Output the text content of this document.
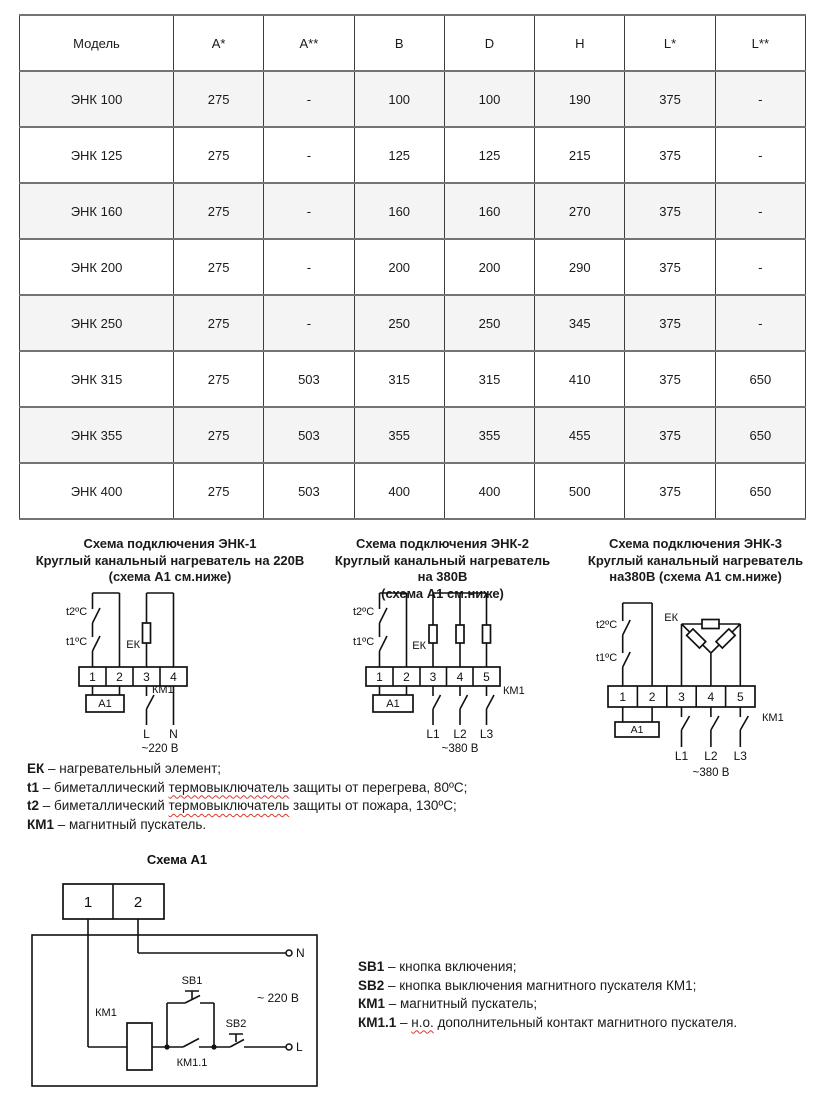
Модель	A*	A**	B	D	H	L*	L**
ЭНК 100	275	-	100	100	190	375	-
ЭНК 125	275	-	125	125	215	375	-
ЭНК 160	275	-	160	160	270	375	-
ЭНК 200	275	-	200	200	290	375	-
ЭНК 250	275	-	250	250	345	375	-
ЭНК 315	275	503	315	315	410	375	650
ЭНК 355	275	503	355	355	455	375	650
ЭНК 400	275	503	400	400	500	375	650
Схема подключения ЭНК-1
Круглый канальный нагреватель на 220В
(схема А1 см.ниже)
Схема подключения ЭНК-2
Круглый канальный нагреватель на 380В
(схема А1 см.ниже)
Схема подключения ЭНК-3
Круглый канальный нагреватель
на380В (схема А1 см.ниже)
t2ºC
t1ºC	ЕК
1 2 3 4
А1
КМ1
L N
~220 В
t2ºC
t1ºC	ЕК
1 2 3 4 5
А1
КМ1
L1 L2 L3
~380 В
t2ºC
t1ºC
ЕК
1 2 3 4 5
А1
КМ1
L1 L2 L3
~380 В
ЕК – нагревательный элемент;
t1 – биметаллический термовыключатель защиты от перегрева, 80ºС;
t2 – биметаллический термовыключатель защиты от пожара, 130ºС;
КМ1 – магнитный пускатель.
Схема А1
1	2
КМ1
SB1
КМ1.1
SB2
N
L
~ 220 В
SB1 – кнопка включения;
SB2 – кнопка выключения магнитного пускателя КМ1;
КМ1 – магнитный пускатель;
КМ1.1 – н.о. дополнительный контакт магнитного пускателя.
